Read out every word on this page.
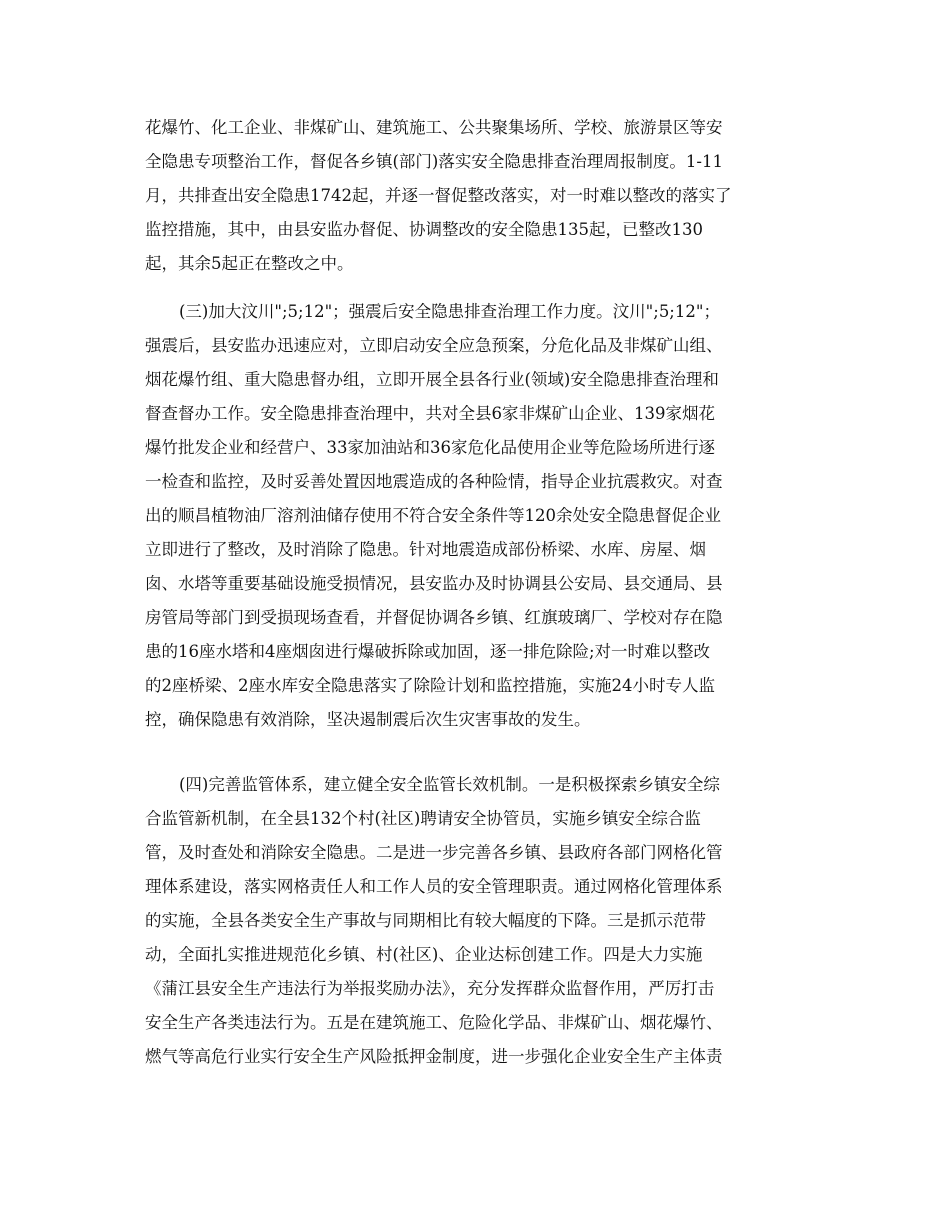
花爆竹、化工企业、非煤矿山、建筑施工、公共聚集场所、学校、旅游景区等安
全隐患专项整治工作，督促各乡镇(部门)落实安全隐患排查治理周报制度。1-11
月，共排查出安全隐患1742起，并逐一督促整改落实，对一时难以整改的落实了
监控措施，其中，由县安监办督促、协调整改的安全隐患135起，已整改130
起，其余5起正在整改之中。
(三)加大汶川";5;12"；强震后安全隐患排查治理工作力度。汶川";5;12"；
强震后，县安监办迅速应对，立即启动安全应急预案，分危化品及非煤矿山组、
烟花爆竹组、重大隐患督办组，立即开展全县各行业(领域)安全隐患排查治理和
督查督办工作。安全隐患排查治理中，共对全县6家非煤矿山企业、139家烟花
爆竹批发企业和经营户、33家加油站和36家危化品使用企业等危险场所进行逐
一检查和监控，及时妥善处置因地震造成的各种险情，指导企业抗震救灾。对查
出的顺昌植物油厂溶剂油储存使用不符合安全条件等120余处安全隐患督促企业
立即进行了整改，及时消除了隐患。针对地震造成部份桥梁、水库、房屋、烟
囱、水塔等重要基础设施受损情况，县安监办及时协调县公安局、县交通局、县
房管局等部门到受损现场查看，并督促协调各乡镇、红旗玻璃厂、学校对存在隐
患的16座水塔和4座烟囱进行爆破拆除或加固，逐一排危除险;对一时难以整改
的2座桥梁、2座水库安全隐患落实了除险计划和监控措施，实施24小时专人监
控，确保隐患有效消除，坚决遏制震后次生灾害事故的发生。
(四)完善监管体系，建立健全安全监管长效机制。一是积极探索乡镇安全综
合监管新机制，在全县132个村(社区)聘请安全协管员，实施乡镇安全综合监
管，及时查处和消除安全隐患。二是进一步完善各乡镇、县政府各部门网格化管
理体系建设，落实网格责任人和工作人员的安全管理职责。通过网格化管理体系
的实施，全县各类安全生产事故与同期相比有较大幅度的下降。三是抓示范带
动，全面扎实推进规范化乡镇、村(社区)、企业达标创建工作。四是大力实施
《蒲江县安全生产违法行为举报奖励办法》，充分发挥群众监督作用，严厉打击
安全生产各类违法行为。五是在建筑施工、危险化学品、非煤矿山、烟花爆竹、
燃气等高危行业实行安全生产风险抵押金制度，进一步强化企业安全生产主体责
